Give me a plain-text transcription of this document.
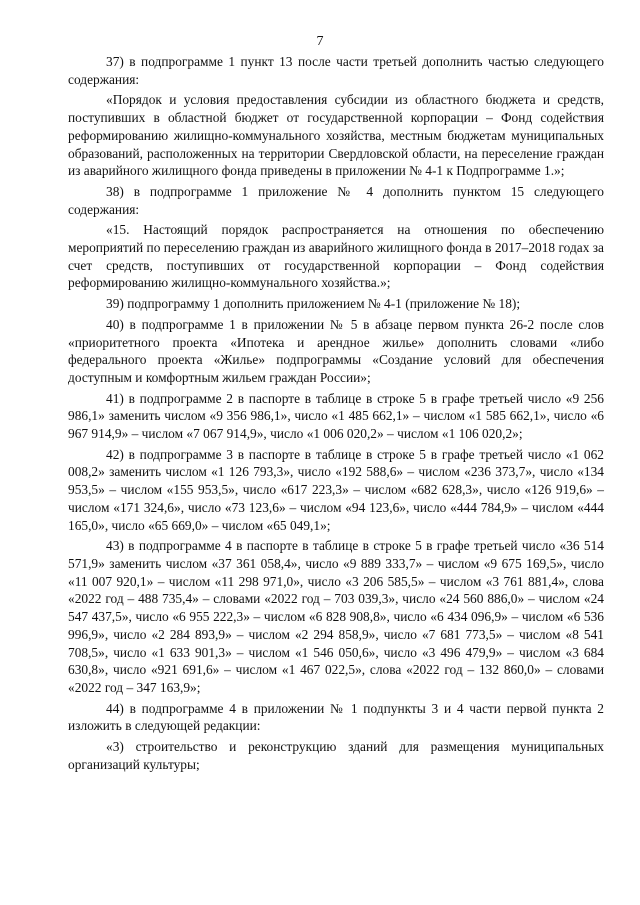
7

37) в подпрограмме 1 пункт 13 после части третьей дополнить частью следующего содержания:

«Порядок и условия предоставления субсидии из областного бюджета и средств, поступивших в областной бюджет от государственной корпорации – Фонд содействия реформированию жилищно-коммунального хозяйства, местным бюджетам муниципальных образований, расположенных на территории Свердловской области, на переселение граждан из аварийного жилищного фонда приведены в приложении № 4-1 к Подпрограмме 1.»;

38) в подпрограмме 1 приложение № 4 дополнить пунктом 15 следующего содержания:

«15. Настоящий порядок распространяется на отношения по обеспечению мероприятий по переселению граждан из аварийного жилищного фонда в 2017–2018 годах за счет средств, поступивших от государственной корпорации – Фонд содействия реформированию жилищно-коммунального хозяйства.»;

39) подпрограмму 1 дополнить приложением № 4-1 (приложение № 18);

40) в подпрограмме 1 в приложении № 5 в абзаце первом пункта 26-2 после слов «приоритетного проекта «Ипотека и арендное жилье» дополнить словами «либо федерального проекта «Жилье» подпрограммы «Создание условий для обеспечения доступным и комфортным жильем граждан России»;

41) в подпрограмме 2 в паспорте в таблице в строке 5 в графе третьей число «9 256 986,1» заменить числом «9 356 986,1», число «1 485 662,1» – числом «1 585 662,1», число «6 967 914,9» – числом «7 067 914,9», число «1 006 020,2» – числом «1 106 020,2»;

42) в подпрограмме 3 в паспорте в таблице в строке 5 в графе третьей число «1 062 008,2» заменить числом «1 126 793,3», число «192 588,6» – числом «236 373,7», число «134 953,5» – числом «155 953,5», число «617 223,3» – числом «682 628,3», число «126 919,6» – числом «171 324,6», число «73 123,6» – числом «94 123,6», число «444 784,9» – числом «444 165,0», число «65 669,0» – числом «65 049,1»;

43) в подпрограмме 4 в паспорте в таблице в строке 5 в графе третьей число «36 514 571,9» заменить числом «37 361 058,4», число «9 889 333,7» – числом «9 675 169,5», число «11 007 920,1» – числом «11 298 971,0», число «3 206 585,5» – числом «3 761 881,4», слова «2022 год – 488 735,4» – словами «2022 год – 703 039,3», число «24 560 886,0» – числом «24 547 437,5», число «6 955 222,3» – числом «6 828 908,8», число «6 434 096,9» – числом «6 536 996,9», число «2 284 893,9» – числом «2 294 858,9», число «7 681 773,5» – числом «8 541 708,5», число «1 633 901,3» – числом «1 546 050,6», число «3 496 479,9» – числом «3 684 630,8», число «921 691,6» – числом «1 467 022,5», слова «2022 год – 132 860,0» – словами «2022 год – 347 163,9»;

44) в подпрограмме 4 в приложении № 1 подпункты 3 и 4 части первой пункта 2 изложить в следующей редакции:

«3) строительство и реконструкцию зданий для размещения муниципальных организаций культуры;
